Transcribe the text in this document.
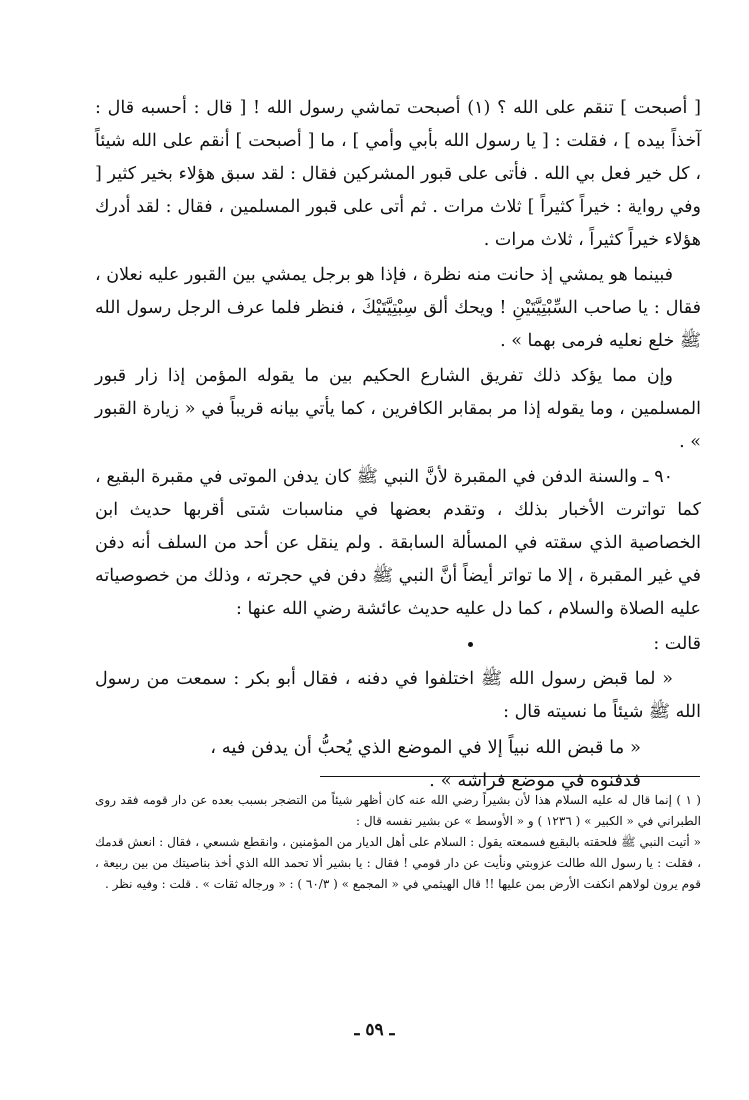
[ أصبحت ] تنقم على الله ؟ (١) أصبحت تماشي رسول الله ! [ قال : أحسبه قال : آخذاً بيده ] ، فقلت : [ يا رسول الله بأبي وأمي ] ، ما [ أصبحت ] أنقم على الله شيئاً ، كل خير فعل بي الله . فأتى على قبور المشركين فقال : لقد سبق هؤلاء بخير كثير [ وفي رواية : خيراً كثيراً ] ثلاث مرات . ثم أتى على قبور المسلمين ، فقال : لقد أدرك هؤلاء خيراً كثيراً ، ثلاث مرات .

فبينما هو يمشي إذ حانت منه نظرة ، فإذا هو برجل يمشي بين القبور عليه نعلان ، فقال : يا صاحب السِّبْتِيَّتَيْنِ ! ويحك ألق سِبْتِيَّتَيْكَ ، فنظر فلما عرف الرجل رسول الله ﷺ خلع نعليه فرمى بهما » .

وإن مما يؤكد ذلك تفريق الشارع الحكيم بين ما يقوله المؤمن إذا زار قبور المسلمين ، وما يقوله إذا مر بمقابر الكافرين ، كما يأتي بيانه قريباً في « زيارة القبور » .

٩٠ ـ والسنة الدفن في المقبرة لأنَّ النبي ﷺ كان يدفن الموتى في مقبرة البقيع ، كما تواترت الأخبار بذلك ، وتقدم بعضها في مناسبات شتى أقربها حديث ابن الخصاصية الذي سقته في المسألة السابقة . ولم ينقل عن أحد من السلف أنه دفن في غير المقبرة ، إلا ما تواتر أيضاً أنَّ النبي ﷺ دفن في حجرته ، وذلك من خصوصياته عليه الصلاة والسلام ، كما دل عليه حديث عائشة رضي الله عنها :

قالت :

« لما قبض رسول الله ﷺ اختلفوا في دفنه ، فقال أبو بكر : سمعت من رسول الله ﷺ شيئاً ما نسيته قال :

« ما قبض الله نبياً إلا في الموضع الذي يُحبُّ أن يدفن فيه ،

فدفنوه في موضع فراشه » .

( ١ ) إنما قال له عليه السلام هذا لأن بشيراً رضي الله عنه كان أظهر شيئاً من التضجر بسبب بعده عن دار قومه فقد روى الطبراني في « الكبير » ( ١٢٣٦ ) و « الأوسط » عن بشير نفسه قال :

« أتيت النبي ﷺ فلحقته بالبقيع فسمعته يقول : السلام على أهل الديار من المؤمنين ، وانقطع شسعي ، فقال : انعش قدمك ، فقلت : يا رسول الله طالت عزوبتي ونأيت عن دار قومي ! فقال : يا بشير ألا تحمد الله الذي أخذ بناصيتك من بين ربيعة ، قوم يرون لولاهم انكفت الأرض بمن عليها !! قال الهيثمي في « المجمع » ( ٦٠/٣ ) : « ورجاله ثقات » . قلت : وفيه نظر .

ـ ٥٩ ـ
